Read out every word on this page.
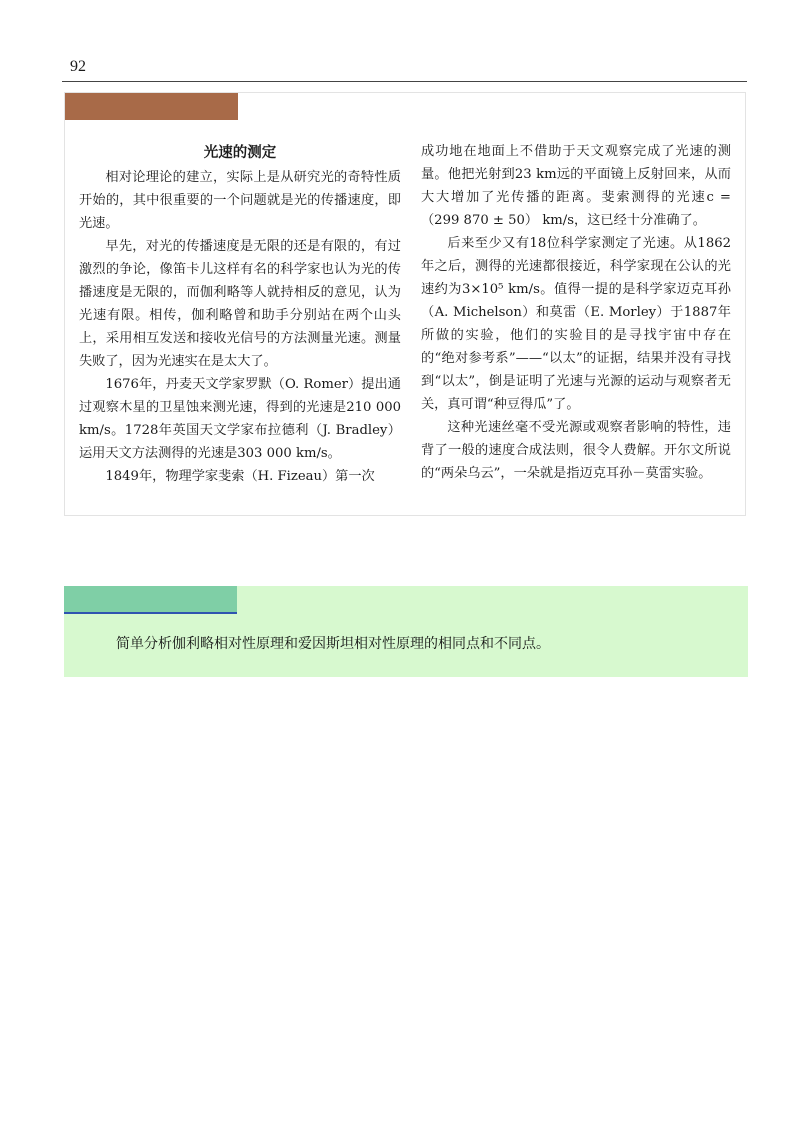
92
光速的测定

相对论理论的建立，实际上是从研究光的奇特性质开始的，其中很重要的一个问题就是光的传播速度，即光速。

早先，对光的传播速度是无限的还是有限的，有过激烈的争论，像笛卡儿这样有名的科学家也认为光的传播速度是无限的，而伽利略等人就持相反的意见，认为光速有限。相传，伽利略曾和助手分别站在两个山头上，采用相互发送和接收光信号的方法测量光速。测量失败了，因为光速实在是太大了。

1676年，丹麦天文学家罗默（O. Romer）提出通过观察木星的卫星蚀来测光速，得到的光速是210 000 km/s。1728年英国天文学家布拉德利（J. Bradley）运用天文方法测得的光速是303 000 km/s。

1849年，物理学家斐索（H. Fizeau）第一次

成功地在地面上不借助于天文观察完成了光速的测量。他把光射到23 km远的平面镜上反射回来，从而大大增加了光传播的距离。斐索测得的光速c =（299 870 ± 50） km/s，这已经十分准确了。

后来至少又有18位科学家测定了光速。从1862年之后，测得的光速都很接近，科学家现在公认的光速约为3×10⁵ km/s。值得一提的是科学家迈克耳孙（A. Michelson）和莫雷（E. Morley）于1887年所做的实验，他们的实验目的是寻找宇宙中存在的“绝对参考系”——“以太”的证据，结果并没有寻找到“以太”，倒是证明了光速与光源的运动与观察者无关，真可谓“种豆得瓜”了。

这种光速丝毫不受光源或观察者影响的特性，违背了一般的速度合成法则，很令人费解。开尔文所说的“两朵乌云”，一朵就是指迈克耳孙－莫雷实验。

简单分析伽利略相对性原理和爱因斯坦相对性原理的相同点和不同点。
